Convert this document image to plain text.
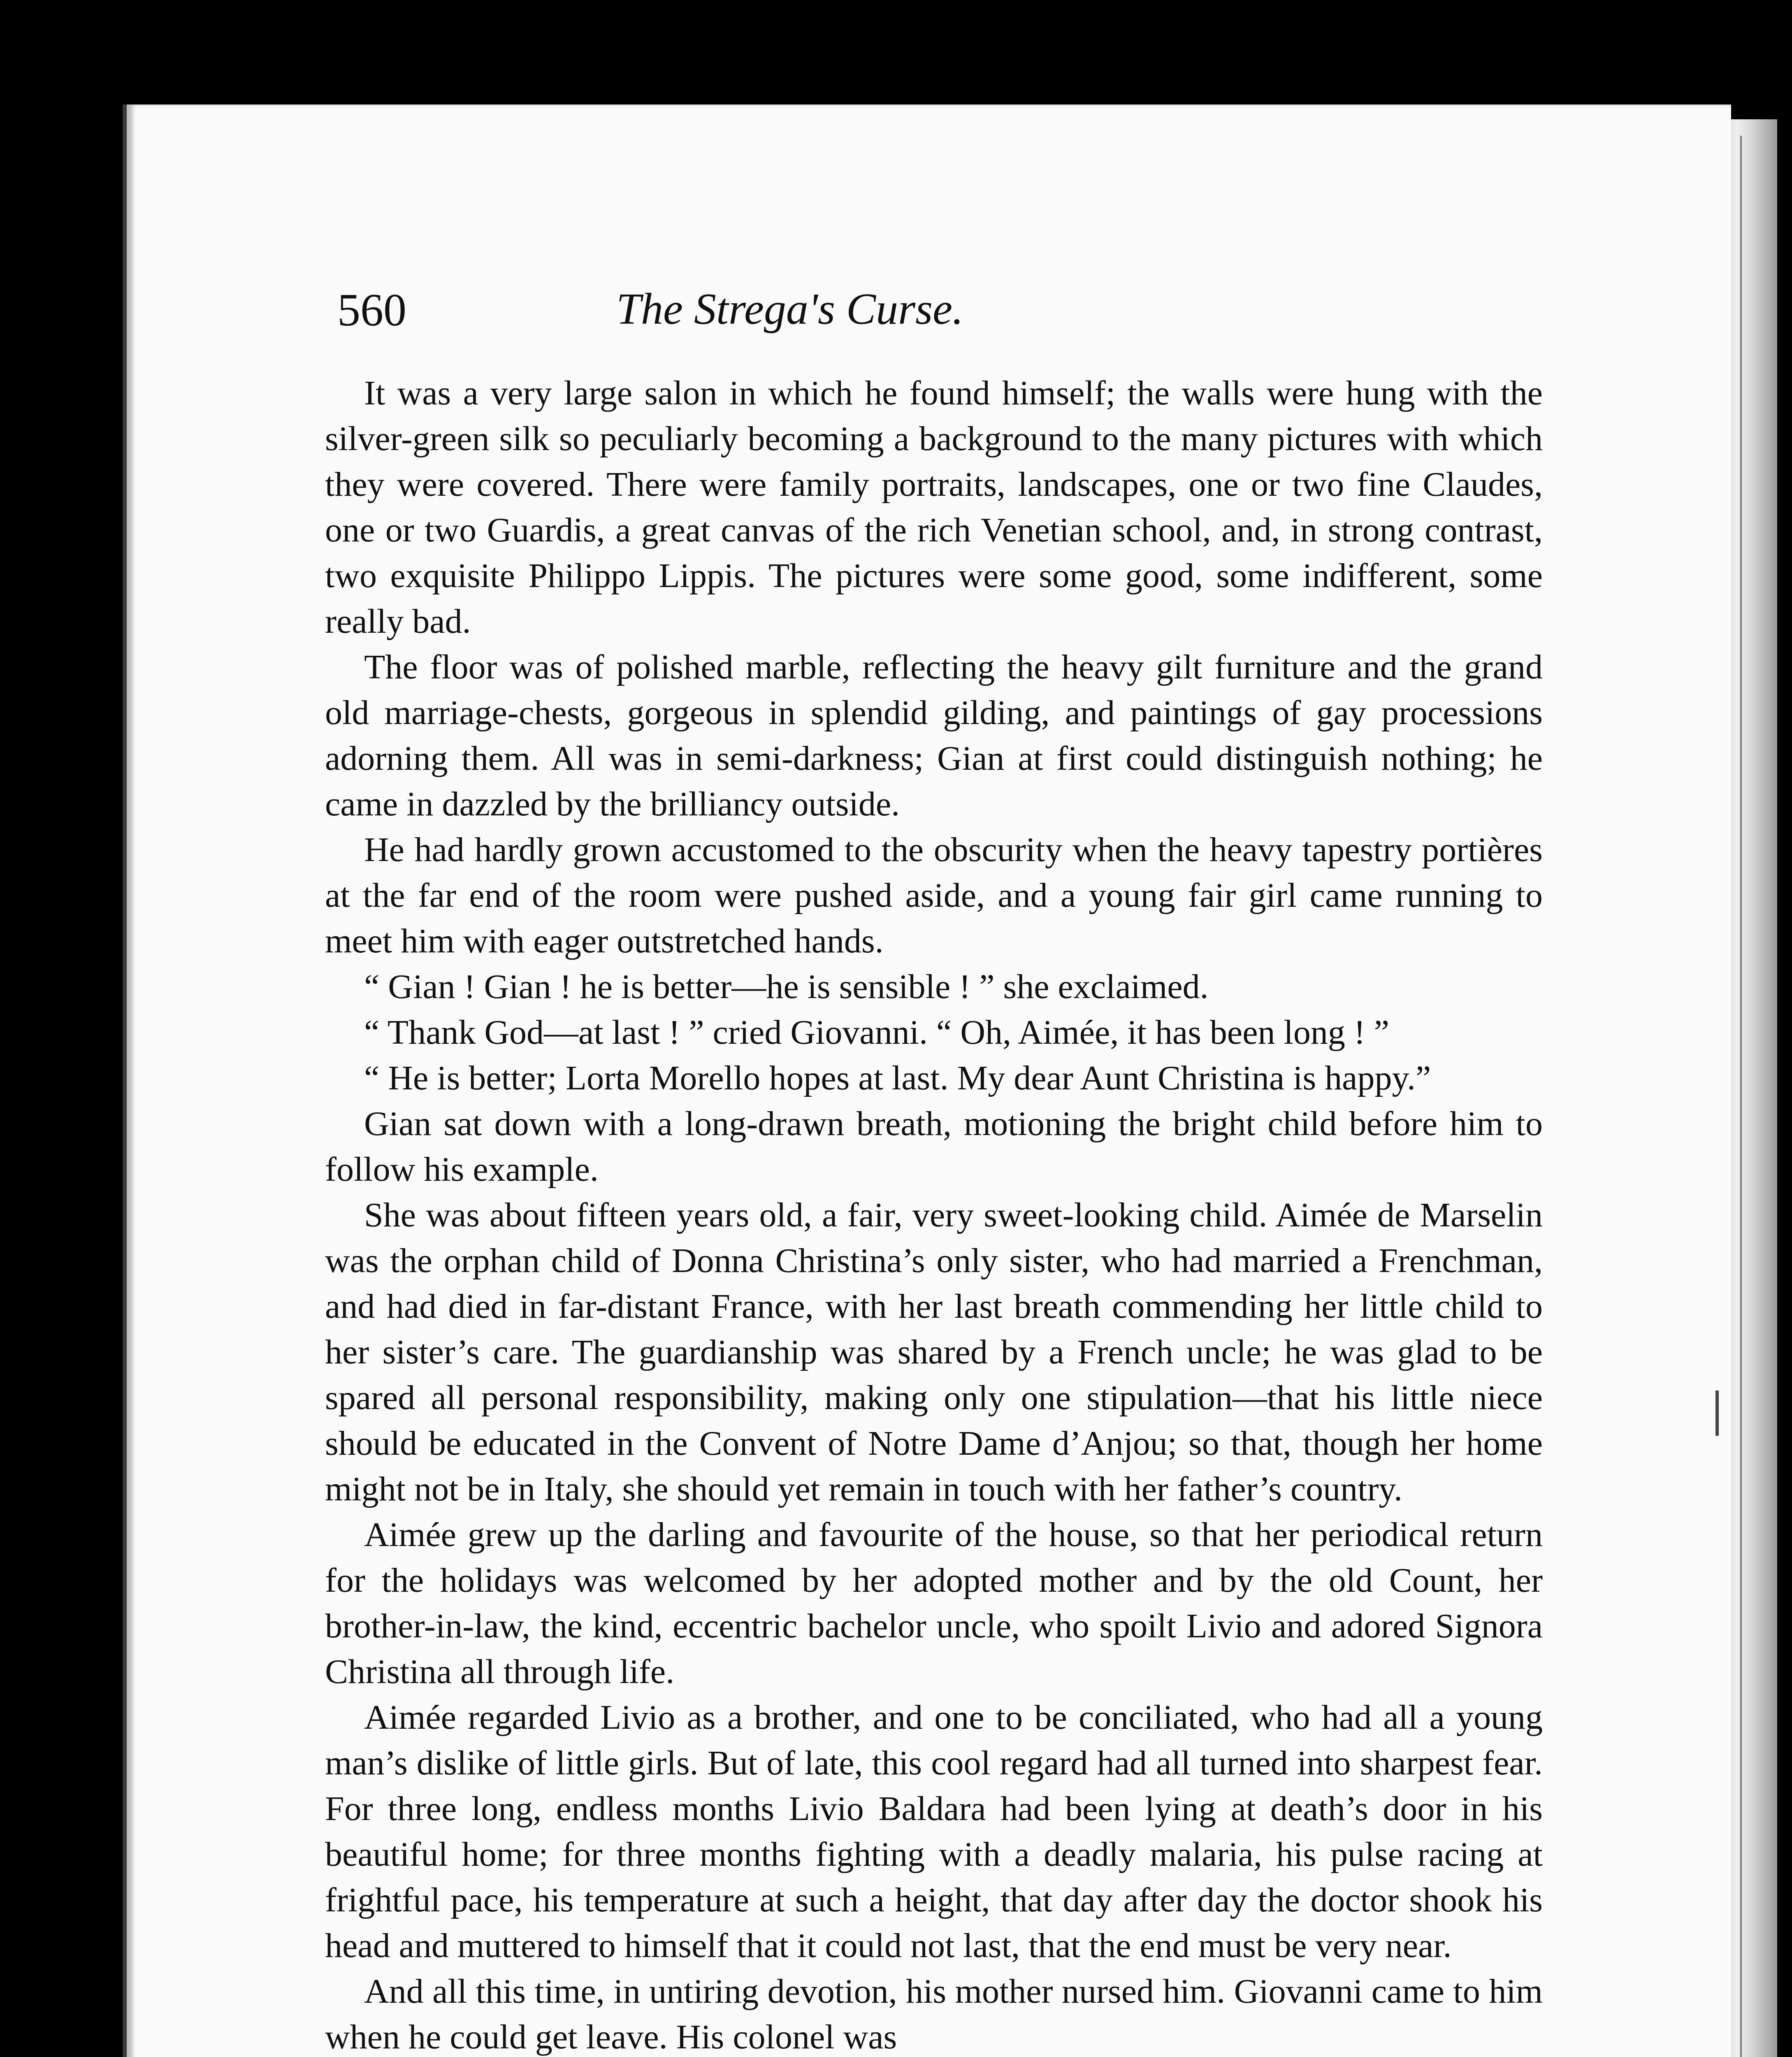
560	The Strega's Curse.

It was a very large salon in which he found himself; the walls were hung with the silver-green silk so peculiarly becoming a background to the many pictures with which they were covered. There were family portraits, landscapes, one or two fine Claudes, one or two Guardis, a great canvas of the rich Venetian school, and, in strong contrast, two exquisite Philippo Lippis. The pictures were some good, some indifferent, some really bad.

The floor was of polished marble, reflecting the heavy gilt furniture and the grand old marriage-chests, gorgeous in splendid gilding, and paintings of gay processions adorning them. All was in semi-darkness; Gian at first could distinguish nothing; he came in dazzled by the brilliancy outside.

He had hardly grown accustomed to the obscurity when the heavy tapestry portières at the far end of the room were pushed aside, and a young fair girl came running to meet him with eager outstretched hands.

“ Gian ! Gian ! he is better—he is sensible ! ” she exclaimed.

“ Thank God—at last ! ” cried Giovanni. “ Oh, Aimée, it has been long ! ”

“ He is better; Lorta Morello hopes at last. My dear Aunt Christina is happy.”

Gian sat down with a long-drawn breath, motioning the bright child before him to follow his example.

She was about fifteen years old, a fair, very sweet-looking child. Aimée de Marselin was the orphan child of Donna Christina’s only sister, who had married a Frenchman, and had died in far-distant France, with her last breath commending her little child to her sister’s care. The guardianship was shared by a French uncle; he was glad to be spared all personal responsibility, making only one stipulation—that his little niece should be educated in the Convent of Notre Dame d’Anjou; so that, though her home might not be in Italy, she should yet remain in touch with her father’s country.

Aimée grew up the darling and favourite of the house, so that her periodical return for the holidays was welcomed by her adopted mother and by the old Count, her brother-in-law, the kind, eccentric bachelor uncle, who spoilt Livio and adored Signora Christina all through life.

Aimée regarded Livio as a brother, and one to be conciliated, who had all a young man’s dislike of little girls. But of late, this cool regard had all turned into sharpest fear. For three long, endless months Livio Baldara had been lying at death’s door in his beautiful home; for three months fighting with a deadly malaria, his pulse racing at frightful pace, his temperature at such a height, that day after day the doctor shook his head and muttered to himself that it could not last, that the end must be very near.

And all this time, in untiring devotion, his mother nursed him. Giovanni came to him when he could get leave. His colonel was
